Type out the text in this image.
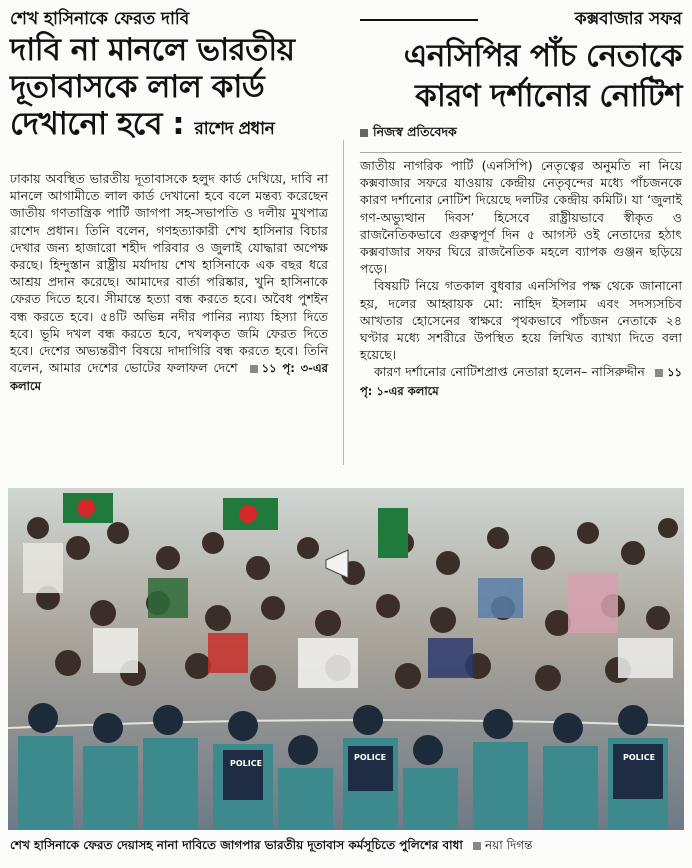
শেখ হাসিনাকে ফেরত দাবি
দাবি না মানলে ভারতীয় দূতাবাসকে লাল কার্ড দেখানো হবে : রাশেদ প্রধান

ঢাকায় অবস্থিত ভারতীয় দূতাবাসকে হলুদ কার্ড দেখিয়ে, দাবি না মানলে আগামীতে লাল কার্ড দেখানো হবে বলে মন্তব্য করেছেন জাতীয় গণতান্ত্রিক পার্টি জাগপা সহ-সভাপতি ও দলীয় মুখপাত্র রাশেদ প্রধান। তিনি বলেন, গণহত্যাকারী শেখ হাসিনার বিচার দেখার জন্য হাজারো শহীদ পরিবার ও জুলাই যোদ্ধারা অপেক্ষ করছে। হিন্দুস্তান রাষ্ট্রীয় মর্যাদায় শেখ হাসিনাকে এক বছর ধরে আশ্রয় প্রদান করেছে। আমাদের বার্তা পরিষ্কার, খুনি হাসিনাকে ফেরত দিতে হবে। সীমান্তে হত্যা বন্ধ করতে হবে। অবৈধ পুশইন বন্ধ করতে হবে। ৫৪টি অভিন্ন নদীর পানির ন্যায্য হিস্যা দিতে হবে। ভূমি দখল বন্ধ করতে হবে, দখলকৃত জমি ফেরত দিতে হবে। দেশের অভ্যন্তরীণ বিষয়ে দাদাগিরি বন্ধ করতে হবে। তিনি বলেন, আমার দেশের ভোটের ফলাফল দেশে ১১ পৃ: ৩-এর কলামে

কক্সবাজার সফর
এনসিপির পাঁচ নেতাকে কারণ দর্শানোর নোটিশ
নিজস্ব প্রতিবেদক

জাতীয় নাগরিক পার্টি (এনসিপি) নেতৃত্বের অনুমতি না নিয়ে কক্সবাজার সফরে যাওয়ায় কেন্দ্রীয় নেতৃবৃন্দের মধ্যে পাঁচজনকে কারণ দর্শানোর নোটিশ দিয়েছে দলটির কেন্দ্রীয় কমিটি। যা ‘জুলাই গণ-অভ্যুত্থান দিবস’ হিসেবে রাষ্ট্রীয়ভাবে স্বীকৃত ও রাজনৈতিকভাবে গুরুত্বপূর্ণ দিন ৫ আগস্ট ওই নেতাদের হঠাৎ কক্সবাজার সফর ঘিরে রাজনৈতিক মহলে ব্যাপক গুঞ্জন ছড়িয়ে পড়ে।

বিষয়টি নিয়ে গতকাল বুধবার এনসিপির পক্ষ থেকে জানানো হয়, দলের আহ্বায়ক মো: নাহিদ ইসলাম এবং সদস্যসচিব আখতার হোসেনের স্বাক্ষরে পৃথকভাবে পাঁচজন নেতাকে ২৪ ঘণ্টার মধ্যে সশরীরে উপস্থিত হয়ে লিখিত ব্যাখ্যা দিতে বলা হয়েছে।

কারণ দর্শানোর নোটিশপ্রাপ্ত নেতারা হলেন– নাসিরুদ্দীন ১১ পৃ: ১-এর কলামে

POLICE
POLICE	POLICE
শেখ হাসিনাকে ফেরত দেয়াসহ নানা দাবিতে জাগপার ভারতীয় দূতাবাস কর্মসূচিতে পুলিশের বাধা নয়া দিগন্ত
